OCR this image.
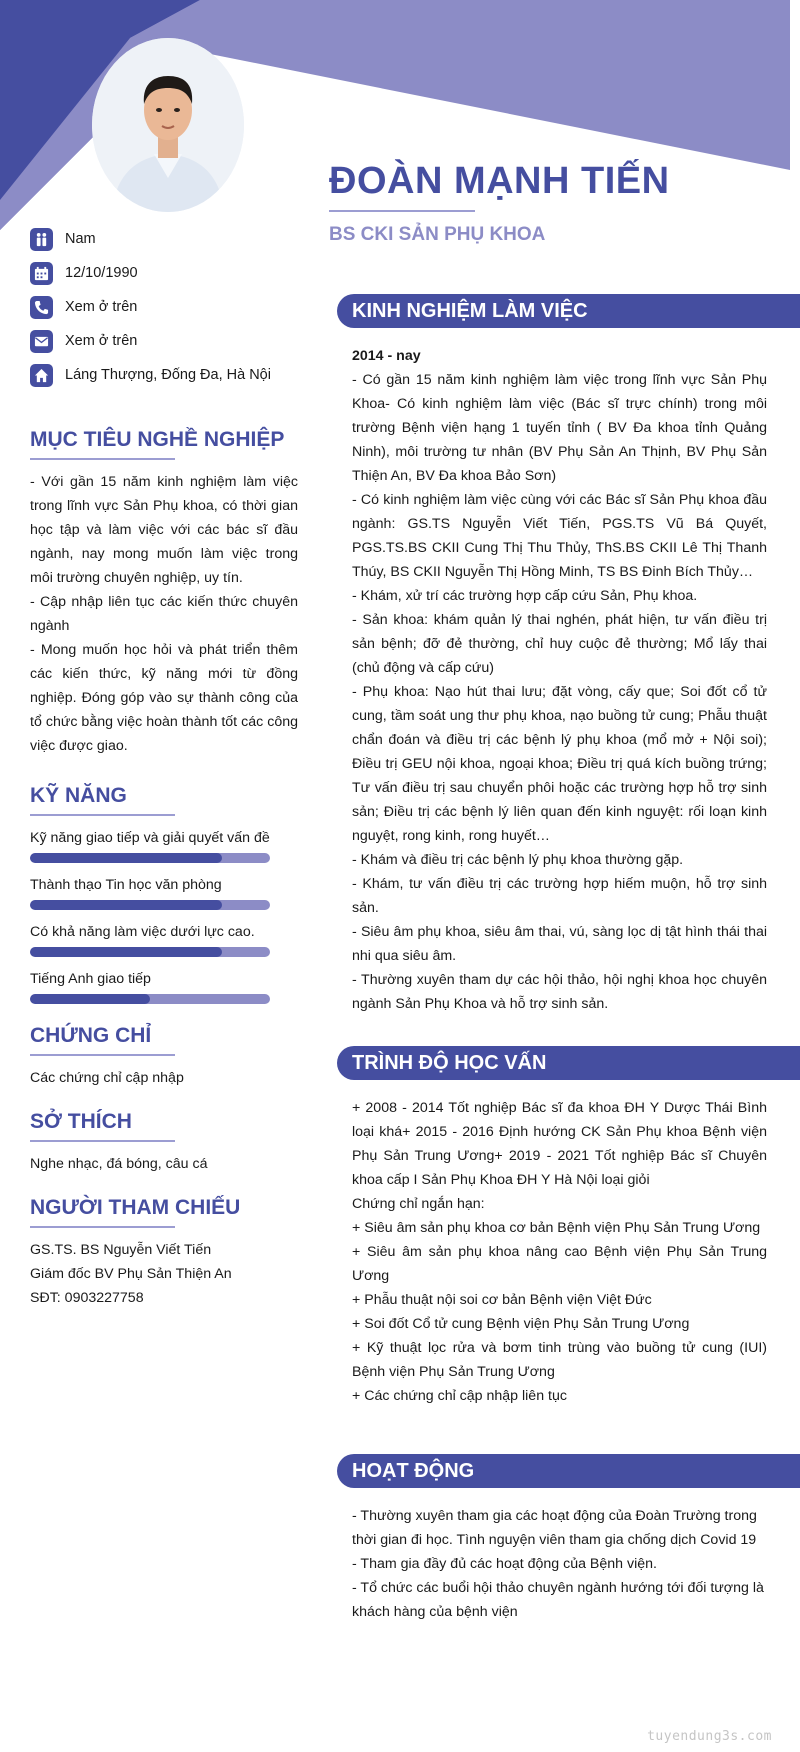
ĐOÀN MẠNH TIẾN
BS CKI SẢN PHỤ KHOA
Nam
12/10/1990
Xem ở trên
Xem ở trên
Láng Thượng, Đống Đa, Hà Nội
MỤC TIÊU NGHỀ NGHIỆP
- Với gần 15 năm kinh nghiệm làm việc trong lĩnh vực Sản Phụ khoa, có thời gian học tập và làm việc với các bác sĩ đầu ngành, nay mong muốn làm việc trong môi trường chuyên nghiệp, uy tín.
- Cập nhập liên tục các kiến thức chuyên ngành
- Mong muốn học hỏi và phát triển thêm các kiến thức, kỹ năng mới từ đồng nghiệp. Đóng góp vào sự thành công của tổ chức bằng việc hoàn thành tốt các công việc được giao.
KỸ NĂNG
Kỹ năng giao tiếp và giải quyết vấn đề
Thành thạo Tin học văn phòng
Có khả năng làm việc dưới lực cao.
Tiếng Anh giao tiếp
CHỨNG CHỈ
Các chứng chỉ cập nhập
SỞ THÍCH
Nghe nhạc, đá bóng, câu cá
NGƯỜI THAM CHIẾU
GS.TS. BS Nguyễn Viết Tiến
Giám đốc BV Phụ Sản Thiện An
SĐT: 0903227758
KINH NGHIỆM LÀM VIỆC
2014 - nay
- Có gần 15 năm kinh nghiệm làm việc trong lĩnh vực Sản Phụ Khoa- Có kinh nghiệm làm việc (Bác sĩ trực chính) trong môi trường Bệnh viện hạng 1 tuyến tỉnh ( BV Đa khoa tỉnh Quảng Ninh), môi trường tư nhân (BV Phụ Sản An Thịnh, BV Phụ Sản Thiện An, BV Đa khoa Bảo Sơn)
- Có kinh nghiệm làm việc cùng với các Bác sĩ Sản Phụ khoa đầu ngành: GS.TS Nguyễn Viết Tiến, PGS.TS Vũ Bá Quyết, PGS.TS.BS CKII Cung Thị Thu Thủy, ThS.BS CKII Lê Thị Thanh Thúy, BS CKII Nguyễn Thị Hồng Minh, TS BS Đinh Bích Thủy…
- Khám, xử trí các trường hợp cấp cứu Sản, Phụ khoa.
- Sản khoa: khám quản lý thai nghén, phát hiện, tư vấn điều trị sản bệnh; đỡ đẻ thường, chỉ huy cuộc đẻ thường; Mổ lấy thai (chủ động và cấp cứu)
- Phụ khoa: Nạo hút thai lưu; đặt vòng, cấy que; Soi đốt cổ tử cung, tầm soát ung thư phụ khoa, nạo buồng tử cung; Phẫu thuật chẩn đoán và điều trị các bệnh lý phụ khoa (mổ mở + Nội soi); Điều trị GEU nội khoa, ngoại khoa; Điều trị quá kích buồng trứng; Tư vấn điều trị sau chuyển phôi hoặc các trường hợp hỗ trợ sinh sản; Điều trị các bệnh lý liên quan đến kinh nguyệt: rối loạn kinh nguyệt, rong kinh, rong huyết…
- Khám và điều trị các bệnh lý phụ khoa thường gặp.
- Khám, tư vấn điều trị các trường hợp hiếm muộn, hỗ trợ sinh sản.
- Siêu âm phụ khoa, siêu âm thai, vú, sàng lọc dị tật hình thái thai nhi qua siêu âm.
- Thường xuyên tham dự các hội thảo, hội nghị khoa học chuyên ngành Sản Phụ Khoa và hỗ trợ sinh sản.
TRÌNH ĐỘ HỌC VẤN
+ 2008 - 2014 Tốt nghiệp Bác sĩ đa khoa ĐH Y Dược Thái Bình loại khá+ 2015 - 2016 Định hướng CK Sản Phụ khoa Bệnh viện Phụ Sản Trung Ương+ 2019 - 2021 Tốt nghiệp Bác sĩ Chuyên khoa cấp I Sản Phụ Khoa ĐH Y Hà Nội loại giỏi
Chứng chỉ ngắn hạn:
+ Siêu âm sản phụ khoa cơ bản Bệnh viện Phụ Sản Trung Ương
+ Siêu âm sản phụ khoa nâng cao Bệnh viện Phụ Sản Trung Ương
+ Phẫu thuật nội soi cơ bản Bệnh viện Việt Đức
+ Soi đốt Cổ tử cung Bệnh viện Phụ Sản Trung Ương
+ Kỹ thuật lọc rửa và bơm tinh trùng vào buồng tử cung (IUI) Bệnh viện Phụ Sản Trung Ương
+ Các chứng chỉ cập nhập liên tục
HOẠT ĐỘNG
- Thường xuyên tham gia các hoạt động của Đoàn Trường trong thời gian đi học. Tình nguyện viên tham gia chống dịch Covid 19
- Tham gia đầy đủ các hoạt động của Bệnh viện.
- Tổ chức các buổi hội thảo chuyên ngành hướng tới đối tượng là khách hàng của bệnh viện
tuyendung3s.com
